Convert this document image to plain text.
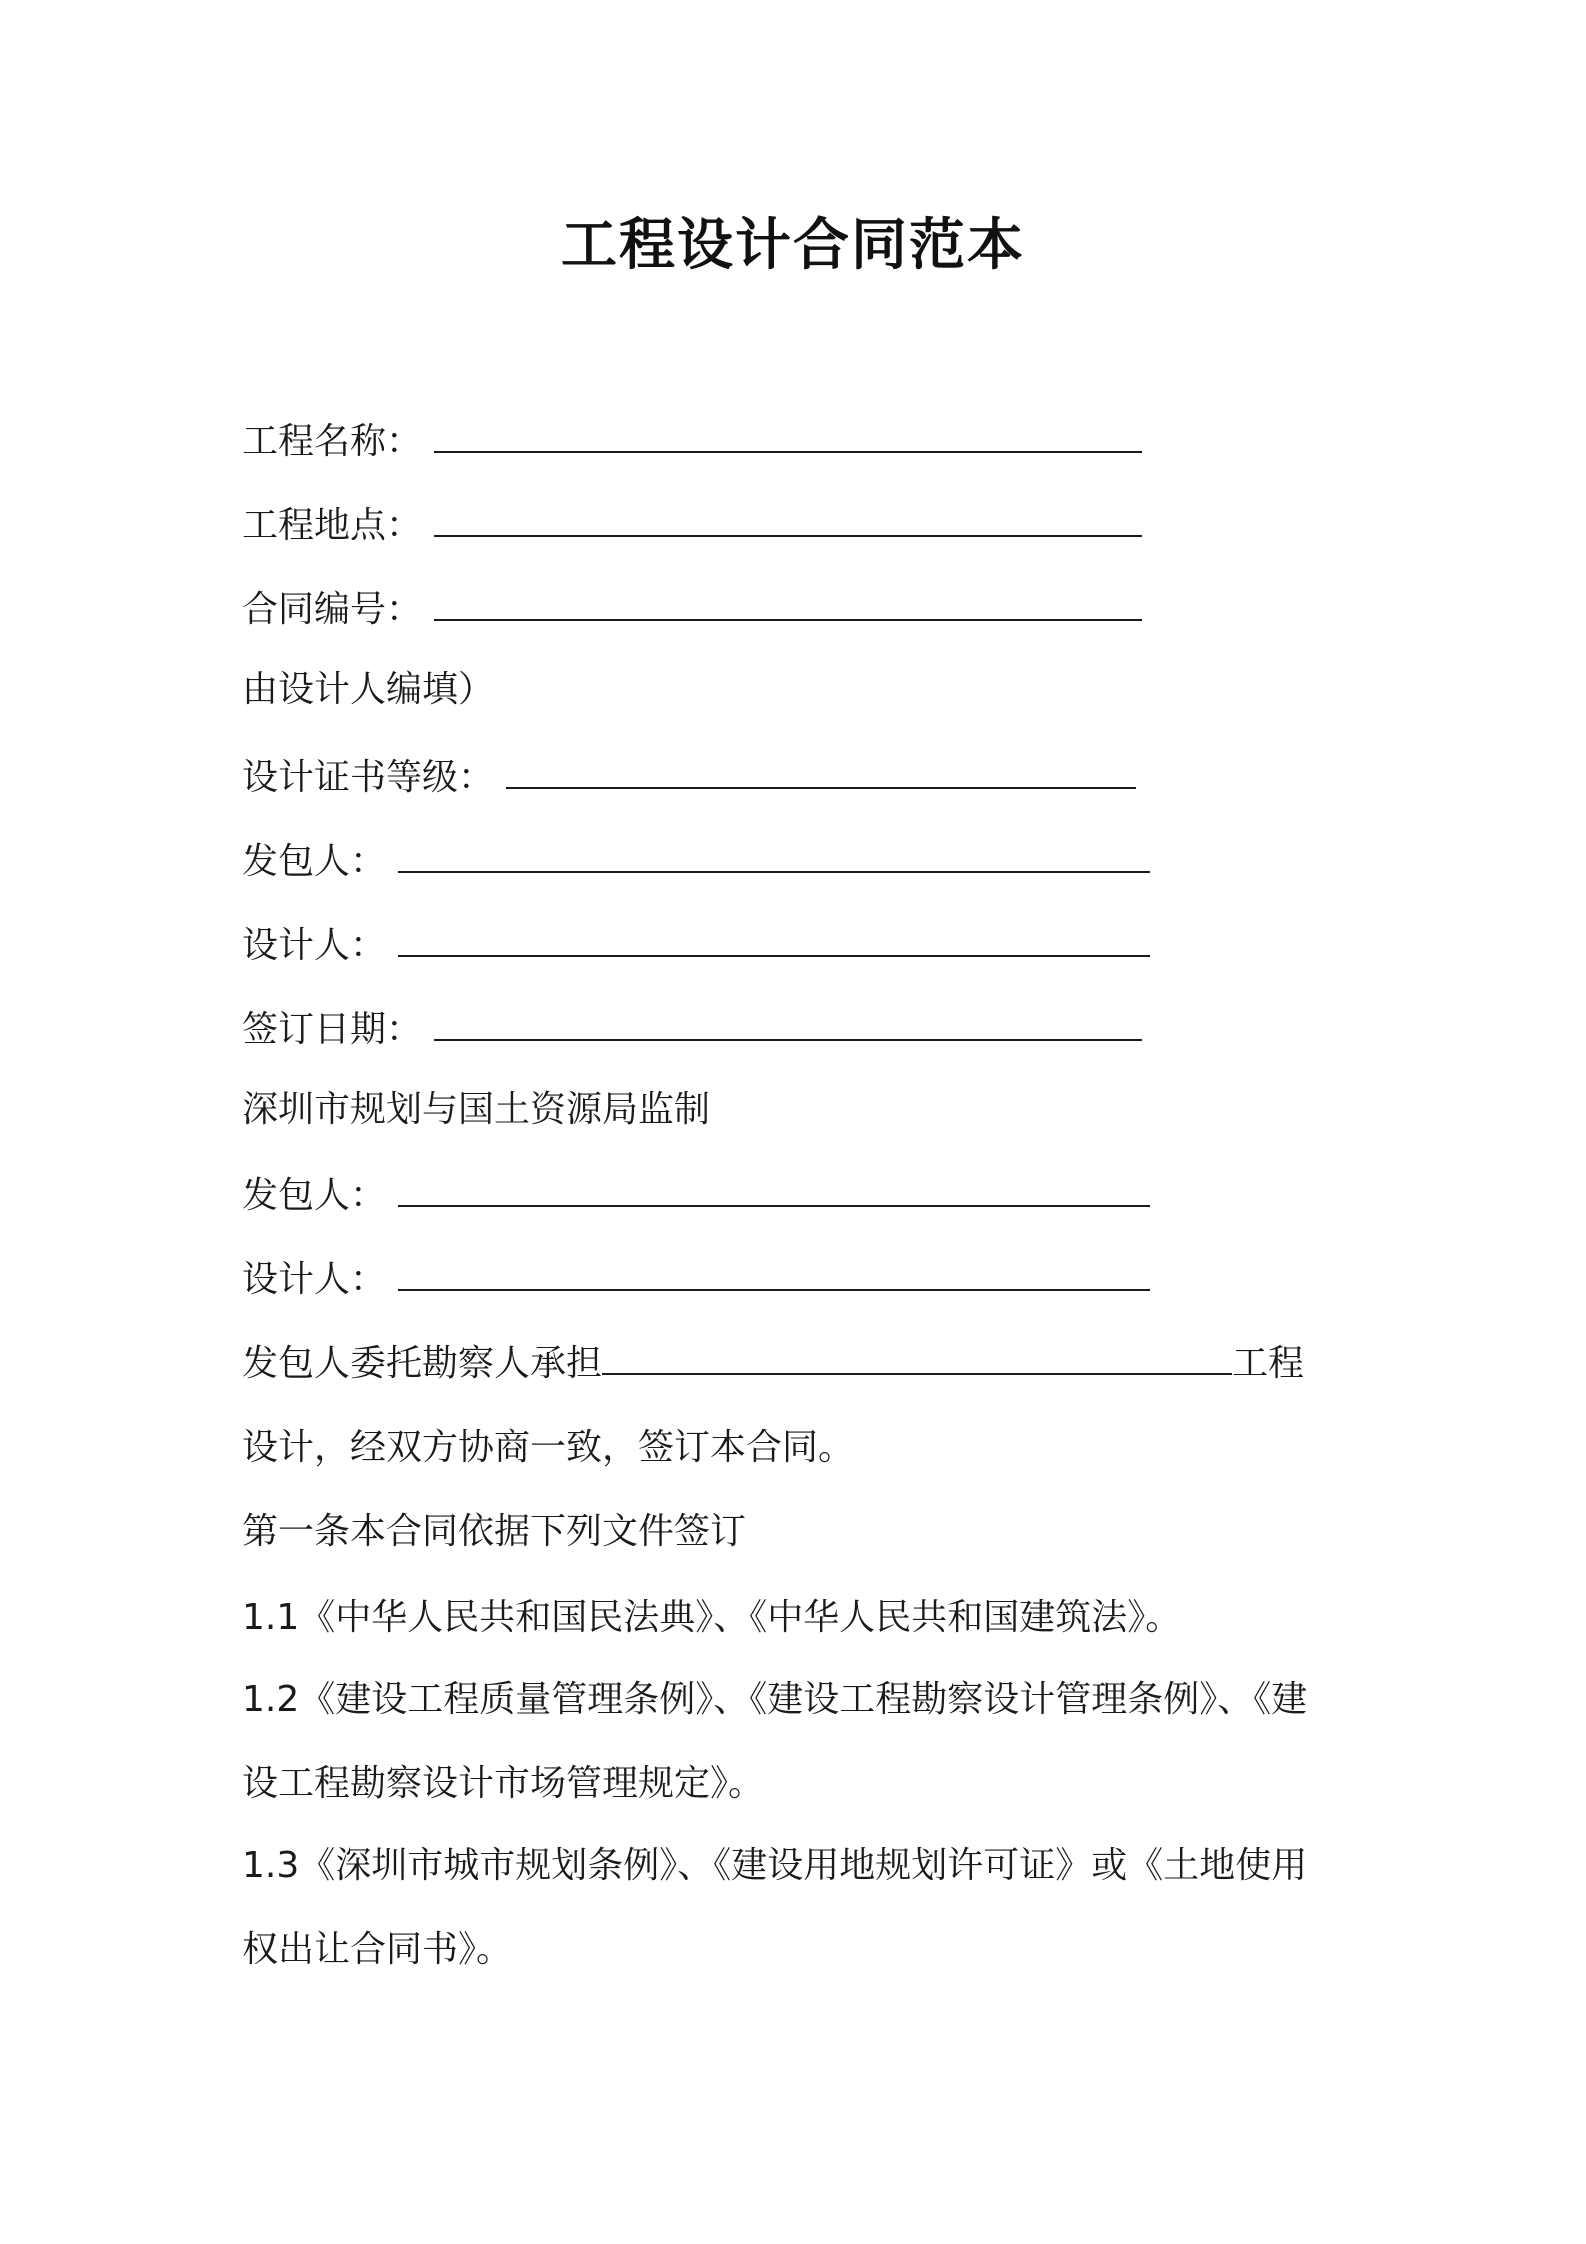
工程设计合同范本
工程名称：
工程地点：
合同编号：
由设计人编填）
设计证书等级：
发包人：
设计人：
签订日期：
深圳市规划与国土资源局监制
发包人：
设计人：
发包人委托勘察人承担	工程
设计，经双方协商一致，签订本合同。
第一条本合同依据下列文件签订
1.1《中华人民共和国民法典》、《中华人民共和国建筑法》。
1.2《建设工程质量管理条例》、《建设工程勘察设计管理条例》、《建
设工程勘察设计市场管理规定》。
1.3《深圳市城市规划条例》、《建设用地规划许可证》或《土地使用
权出让合同书》。
